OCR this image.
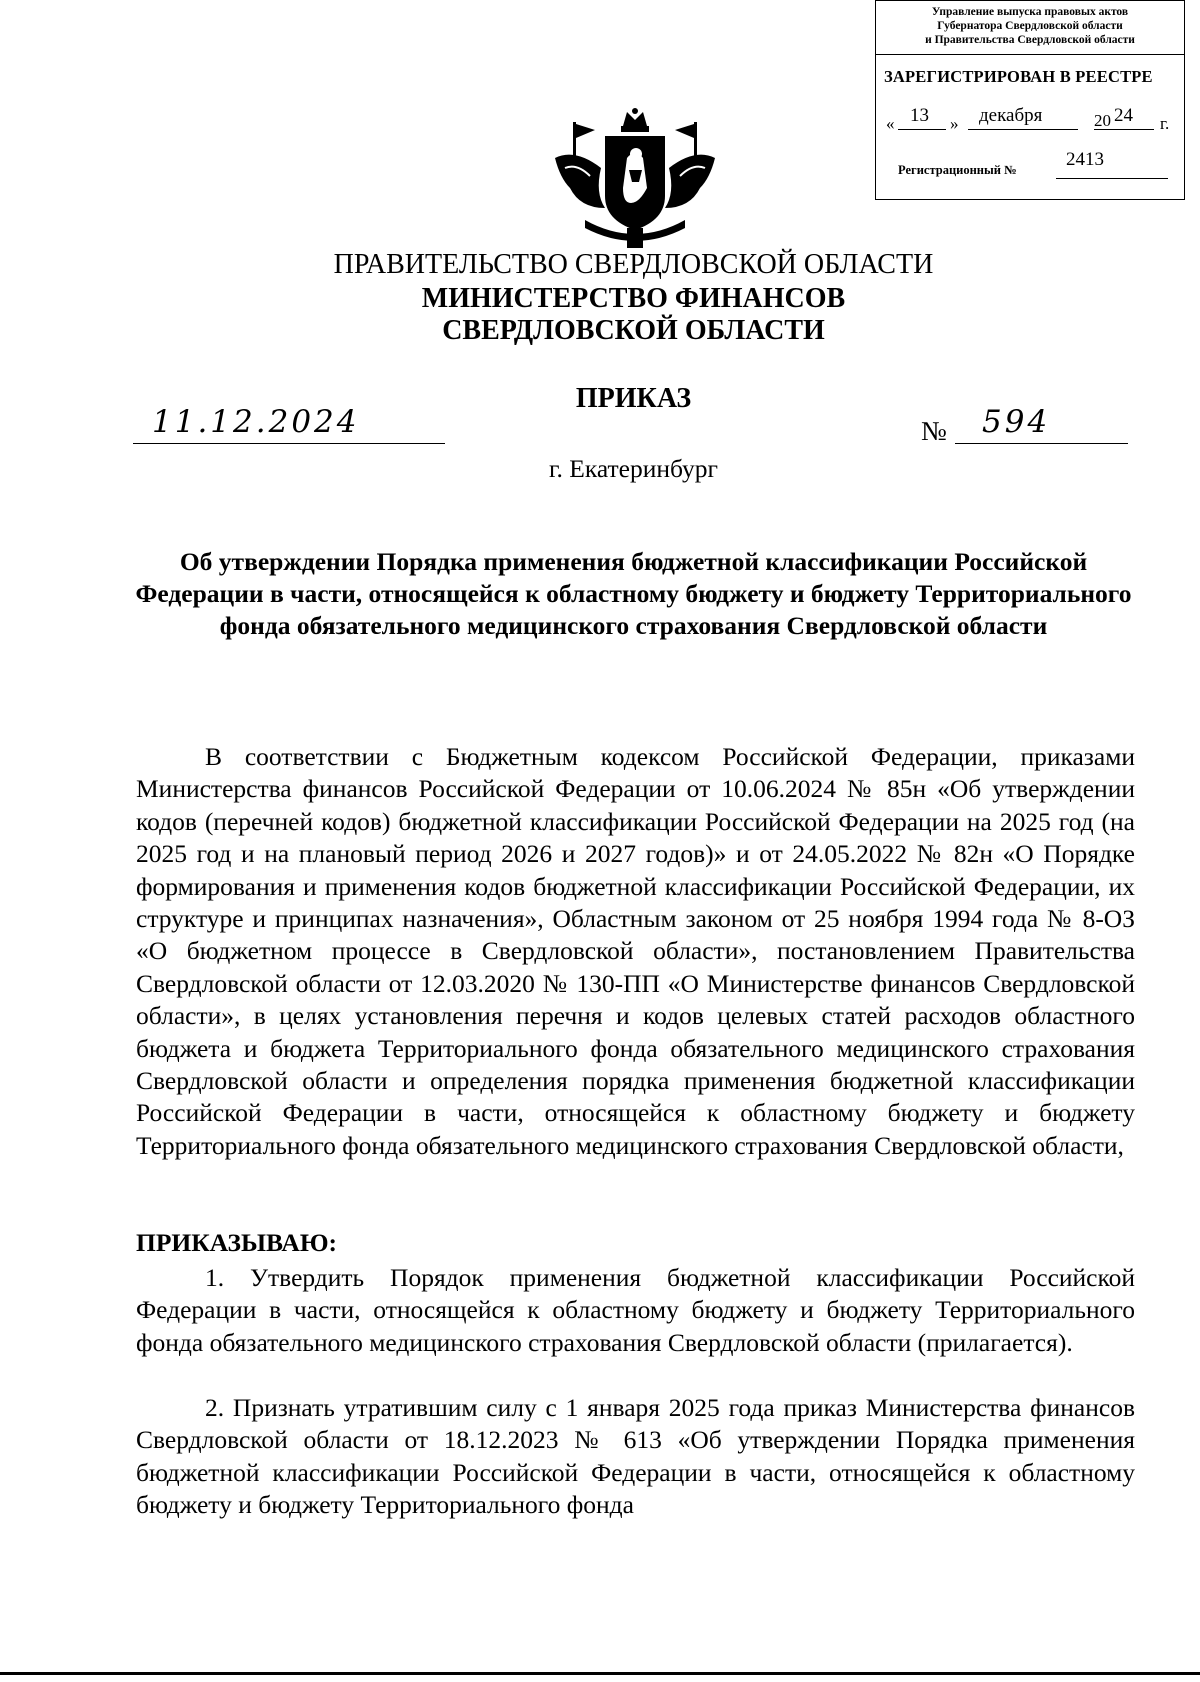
Управление выпуска правовых актов
Губернатора Свердловской области
и Правительства Свердловской области
ЗАРЕГИСТРИРОВАН В РЕЕСТРЕ
« 13 » декабря	20 24 г.
Регистрационный №	2413
ПРАВИТЕЛЬСТВО СВЕРДЛОВСКОЙ ОБЛАСТИ
МИНИСТЕРСТВО ФИНАНСОВ
СВЕРДЛОВСКОЙ ОБЛАСТИ
ПРИКАЗ
11.12.2024	№ 594
г. Екатеринбург
Об утверждении Порядка применения бюджетной классификации Российской Федерации в части, относящейся к областному бюджету и бюджету Территориального фонда обязательного медицинского страхования Свердловской области
В соответствии с Бюджетным кодексом Российской Федерации, приказами Министерства финансов Российской Федерации от 10.06.2024 № 85н «Об утверждении кодов (перечней кодов) бюджетной классификации Российской Федерации на 2025 год (на 2025 год и на плановый период 2026 и 2027 годов)» и от 24.05.2022 № 82н «О Порядке формирования и применения кодов бюджетной классификации Российской Федерации, их структуре и принципах назначения», Областным законом от 25 ноября 1994 года № 8-ОЗ «О бюджетном процессе в Свердловской области», постановлением Правительства Свердловской области от 12.03.2020 № 130-ПП «О Министерстве финансов Свердловской области», в целях установления перечня и кодов целевых статей расходов областного бюджета и бюджета Территориального фонда обязательного медицинского страхования Свердловской области и определения порядка применения бюджетной классификации Российской Федерации в части, относящейся к областному бюджету и бюджету Территориального фонда обязательного медицинского страхования Свердловской области,
ПРИКАЗЫВАЮ:
1. Утвердить Порядок применения бюджетной классификации Российской Федерации в части, относящейся к областному бюджету и бюджету Территориального фонда обязательного медицинского страхования Свердловской области (прилагается).
2. Признать утратившим силу с 1 января 2025 года приказ Министерства финансов Свердловской области от 18.12.2023 № 613 «Об утверждении Порядка применения бюджетной классификации Российской Федерации в части, относящейся к областному бюджету и бюджету Территориального фонда
